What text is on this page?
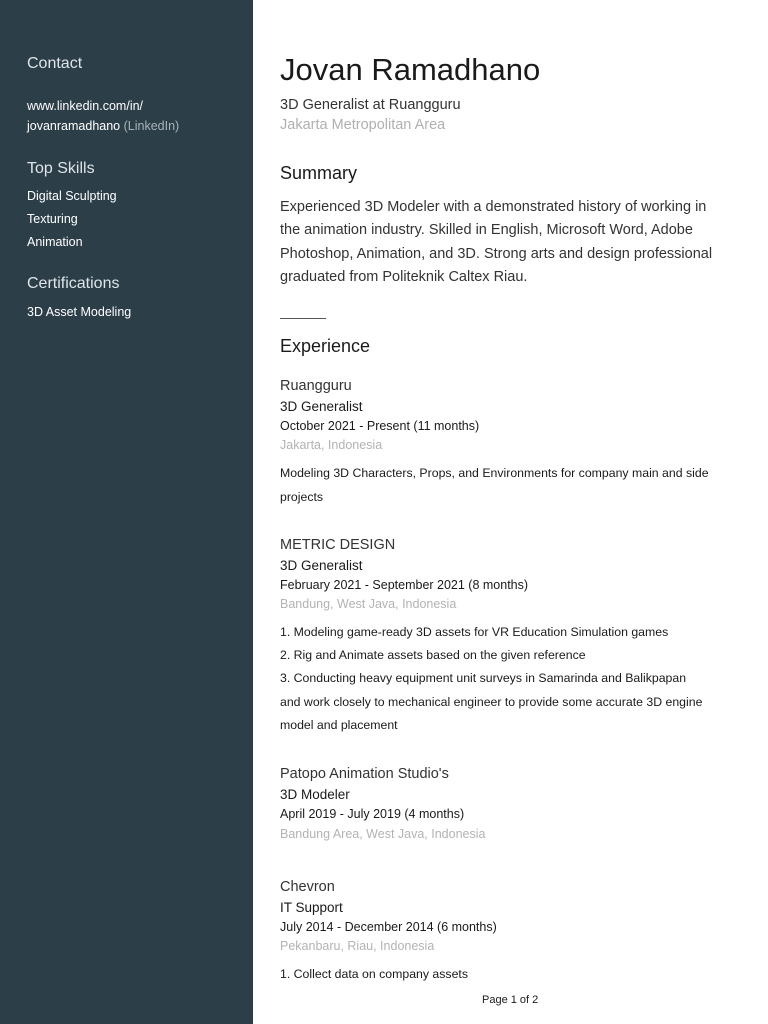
Contact
www.linkedin.com/in/
jovanramadhano (LinkedIn)
Top Skills
Digital Sculpting
Texturing
Animation
Certifications
3D Asset Modeling
Jovan Ramadhano
3D Generalist at Ruangguru
Jakarta Metropolitan Area
Summary
Experienced 3D Modeler with a demonstrated history of working in
the animation industry. Skilled in English, Microsoft Word, Adobe
Photoshop, Animation, and 3D. Strong arts and design professional
graduated from Politeknik Caltex Riau.
Experience
Ruangguru
3D Generalist
October 2021 - Present (11 months)
Jakarta, Indonesia
Modeling 3D Characters, Props, and Environments for company main and side
projects
METRIC DESIGN
3D Generalist
February 2021 - September 2021 (8 months)
Bandung, West Java, Indonesia
1. Modeling game-ready 3D assets for VR Education Simulation games
2. Rig and Animate assets based on the given reference
3. Conducting heavy equipment unit surveys in Samarinda and Balikpapan
and work closely to mechanical engineer to provide some accurate 3D engine
model and placement
Patopo Animation Studio's
3D Modeler
April 2019 - July 2019 (4 months)
Bandung Area, West Java, Indonesia
Chevron
IT Support
July 2014 - December 2014 (6 months)
Pekanbaru, Riau, Indonesia
1. Collect data on company assets
Page 1 of 2
